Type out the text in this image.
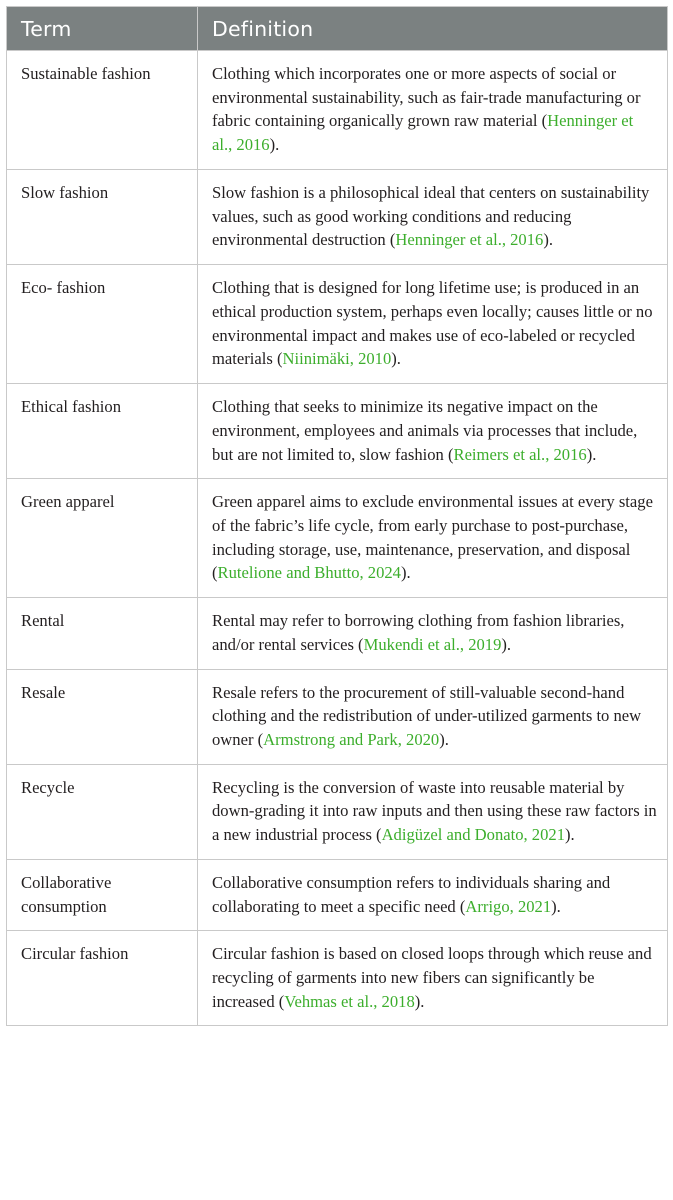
Term	Definition
Sustainable fashion	Clothing which incorporates one or more aspects of social or environmental sustainability, such as fair-trade manufacturing or fabric containing organically grown raw material (Henninger et al., 2016).
Slow fashion	Slow fashion is a philosophical ideal that centers on sustainability values, such as good working conditions and reducing environmental destruction (Henninger et al., 2016).
Eco- fashion	Clothing that is designed for long lifetime use; is produced in an ethical production system, perhaps even locally; causes little or no environmental impact and makes use of eco-labeled or recycled materials (Niinimäki, 2010).
Ethical fashion	Clothing that seeks to minimize its negative impact on the environment, employees and animals via processes that include, but are not limited to, slow fashion (Reimers et al., 2016).
Green apparel	Green apparel aims to exclude environmental issues at every stage of the fabric’s life cycle, from early purchase to post-purchase, including storage, use, maintenance, preservation, and disposal (Rutelione and Bhutto, 2024).
Rental	Rental may refer to borrowing clothing from fashion libraries, and/or rental services (Mukendi et al., 2019).
Resale	Resale refers to the procurement of still-valuable second-hand clothing and the redistribution of under-utilized garments to new owner (Armstrong and Park, 2020).
Recycle	Recycling is the conversion of waste into reusable material by down-grading it into raw inputs and then using these raw factors in a new industrial process (Adigüzel and Donato, 2021).
Collaborative consumption	Collaborative consumption refers to individuals sharing and collaborating to meet a specific need (Arrigo, 2021).
Circular fashion	Circular fashion is based on closed loops through which reuse and recycling of garments into new fibers can significantly be increased (Vehmas et al., 2018).
